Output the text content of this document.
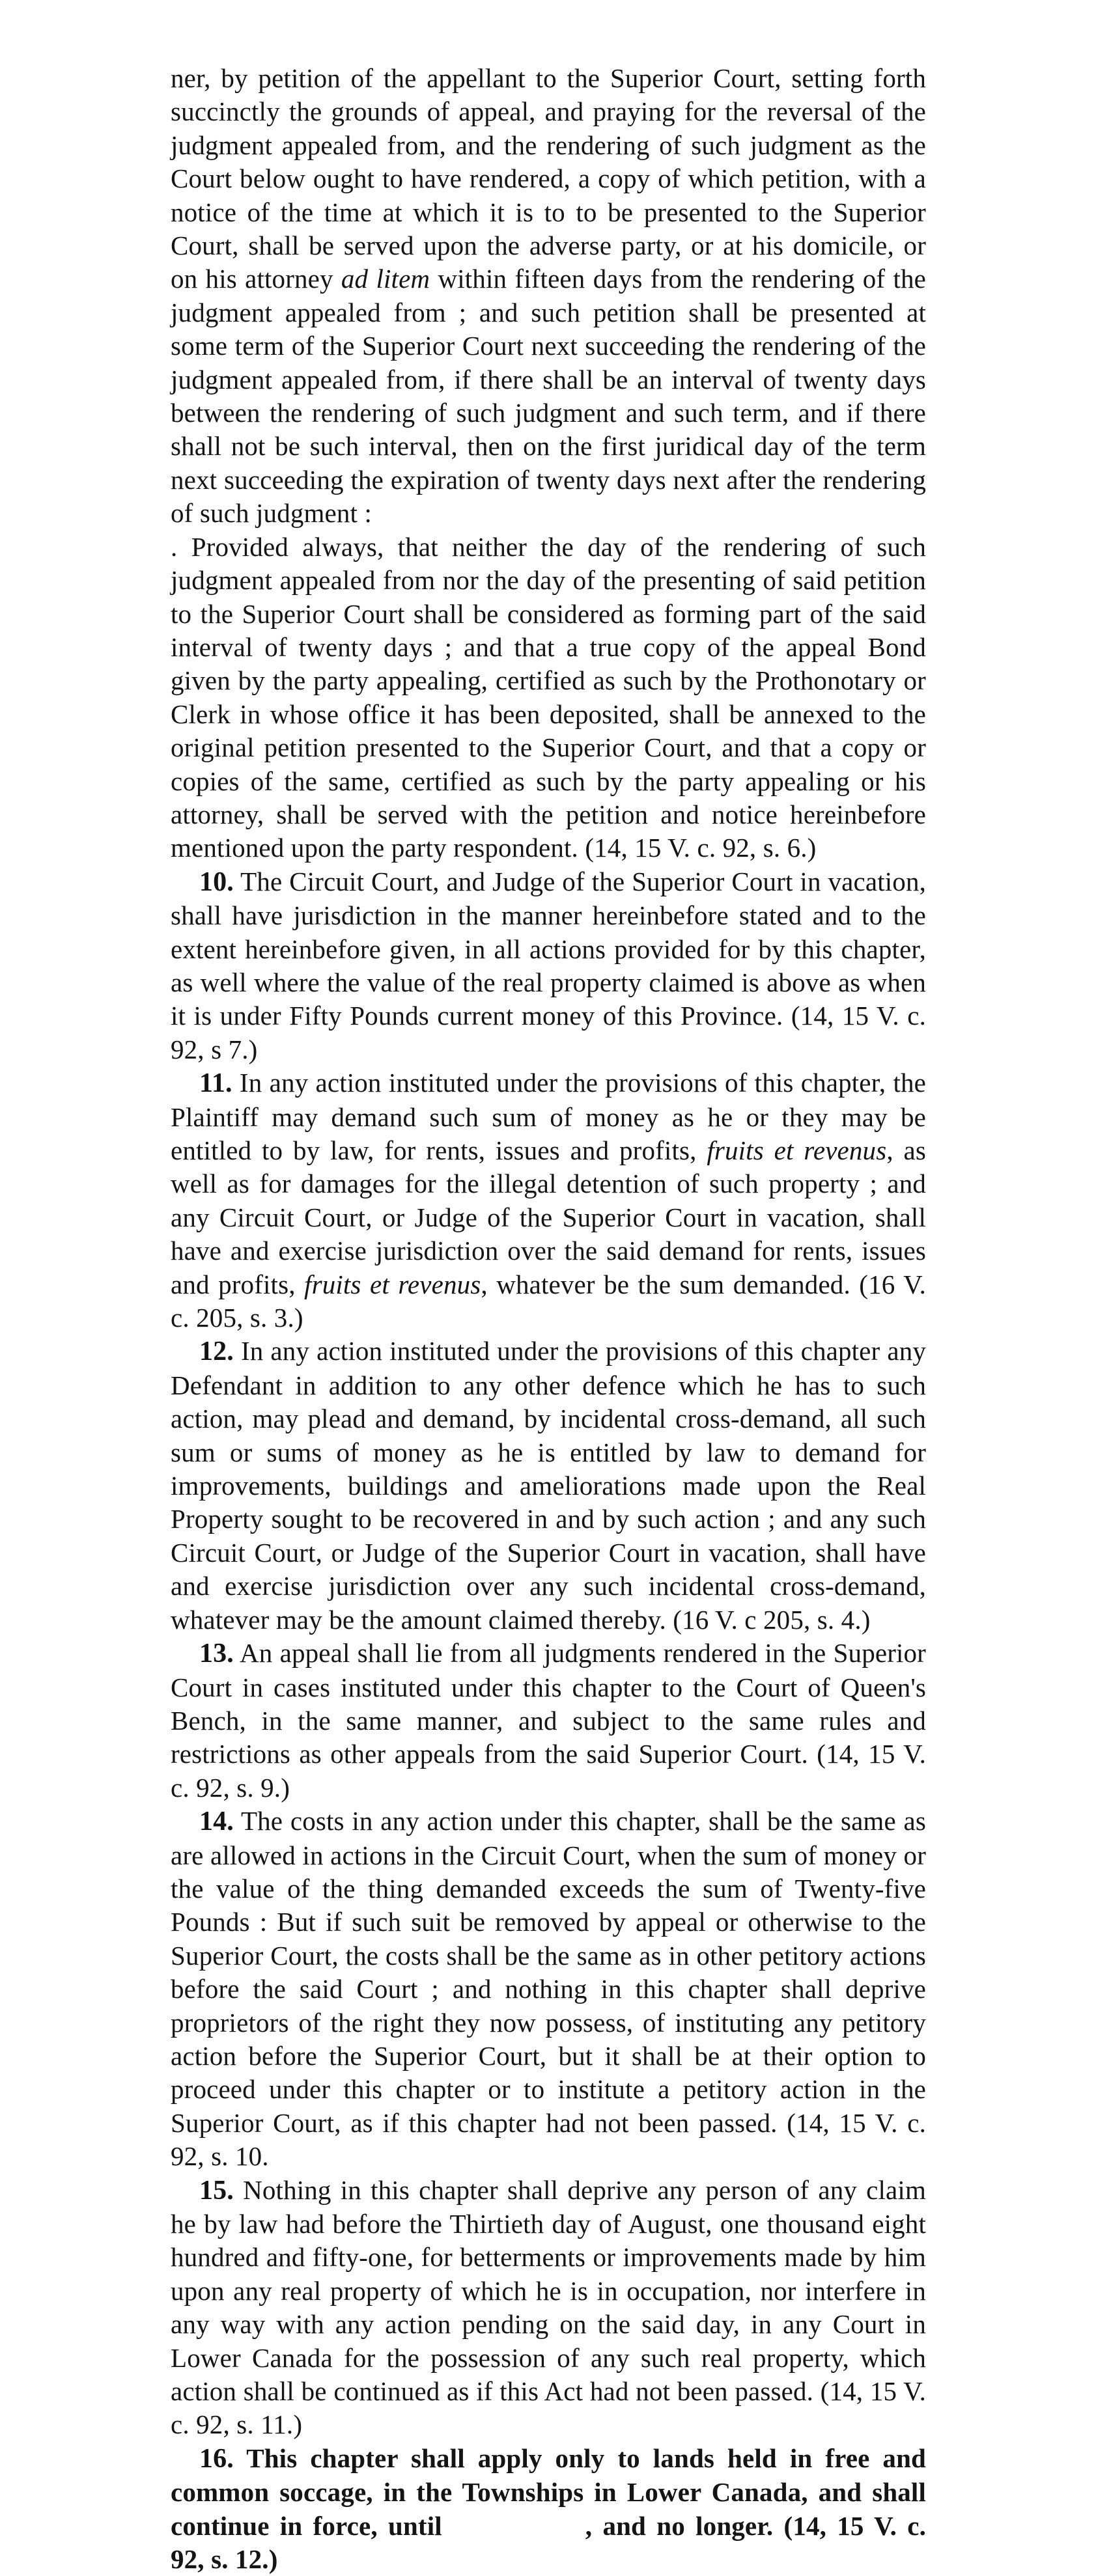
ner, by petition of the appellant to the Superior Court, setting forth succinctly the grounds of appeal, and praying for the reversal of the judgment appealed from, and the rendering of such judgment as the Court below ought to have rendered, a copy of which petition, with a notice of the time at which it is to to be presented to the Superior Court, shall be served upon the adverse party, or at his domicile, or on his attorney ad litem within fifteen days from the rendering of the judgment appealed from ; and such petition shall be presented at some term of the Superior Court next succeeding the rendering of the judgment appealed from, if there shall be an interval of twenty days between the rendering of such judgment and such term, and if there shall not be such interval, then on the first juridical day of the term next succeeding the expiration of twenty days next after the rendering of such judgment :

. Provided always, that neither the day of the rendering of such judgment appealed from nor the day of the presenting of said petition to the Superior Court shall be considered as forming part of the said interval of twenty days ; and that a true copy of the appeal Bond given by the party appealing, certified as such by the Prothonotary or Clerk in whose office it has been deposited, shall be annexed to the original petition presented to the Superior Court, and that a copy or copies of the same, certified as such by the party appealing or his attorney, shall be served with the petition and notice hereinbefore mentioned upon the party respondent. (14, 15 V. c. 92, s. 6.)

10. The Circuit Court, and Judge of the Superior Court in vacation, shall have jurisdiction in the manner hereinbefore stated and to the extent hereinbefore given, in all actions provided for by this chapter, as well where the value of the real property claimed is above as when it is under Fifty Pounds current money of this Province. (14, 15 V. c. 92, s 7.)

11. In any action instituted under the provisions of this chapter, the Plaintiff may demand such sum of money as he or they may be entitled to by law, for rents, issues and profits, fruits et revenus, as well as for damages for the illegal detention of such property ; and any Circuit Court, or Judge of the Superior Court in vacation, shall have and exercise jurisdiction over the said demand for rents, issues and profits, fruits et revenus, whatever be the sum demanded. (16 V. c. 205, s. 3.)

12. In any action instituted under the provisions of this chapter any Defendant in addition to any other defence which he has to such action, may plead and demand, by incidental cross-demand, all such sum or sums of money as he is entitled by law to demand for improvements, buildings and ameliorations made upon the Real Property sought to be recovered in and by such action ; and any such Circuit Court, or Judge of the Superior Court in vacation, shall have and exercise jurisdiction over any such incidental cross-demand, whatever may be the amount claimed thereby. (16 V. c 205, s. 4.)

13. An appeal shall lie from all judgments rendered in the Superior Court in cases instituted under this chapter to the Court of Queen's Bench, in the same manner, and subject to the same rules and restrictions as other appeals from the said Superior Court. (14, 15 V. c. 92, s. 9.)

14. The costs in any action under this chapter, shall be the same as are allowed in actions in the Circuit Court, when the sum of money or the value of the thing demanded exceeds the sum of Twenty-five Pounds : But if such suit be removed by appeal or otherwise to the Superior Court, the costs shall be the same as in other petitory actions before the said Court ; and nothing in this chapter shall deprive proprietors of the right they now possess, of instituting any petitory action before the Superior Court, but it shall be at their option to proceed under this chapter or to institute a petitory action in the Superior Court, as if this chapter had not been passed. (14, 15 V. c. 92, s. 10.

15. Nothing in this chapter shall deprive any person of any claim he by law had before the Thirtieth day of August, one thousand eight hundred and fifty-one, for betterments or improvements made by him upon any real property of which he is in occupation, nor interfere in any way with any action pending on the said day, in any Court in Lower Canada for the possession of any such real property, which action shall be continued as if this Act had not been passed. (14, 15 V. c. 92, s. 11.)

16. This chapter shall apply only to lands held in free and common soccage, in the Townships in Lower Canada, and shall continue in force, until	, and no longer. (14, 15 V. c. 92, s. 12.)
